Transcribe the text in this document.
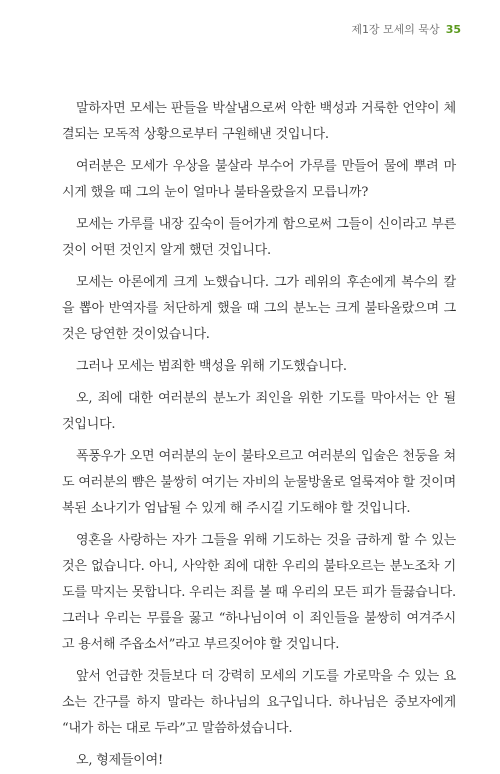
제1장 모세의 묵상 35

말하자면 모세는 판들을 박살냄으로써 악한 백성과 거룩한 언약이 체결되는 모독적 상황으로부터 구원해낸 것입니다.

여러분은 모세가 우상을 불살라 부수어 가루를 만들어 물에 뿌려 마시게 했을 때 그의 눈이 얼마나 불타올랐을지 모릅니까?

모세는 가루를 내장 깊숙이 들어가게 함으로써 그들이 신이라고 부른 것이 어떤 것인지 알게 했던 것입니다.

모세는 아론에게 크게 노했습니다. 그가 레위의 후손에게 복수의 칼을 뽑아 반역자를 처단하게 했을 때 그의 분노는 크게 불타올랐으며 그것은 당연한 것이었습니다.

그러나 모세는 범죄한 백성을 위해 기도했습니다.

오, 죄에 대한 여러분의 분노가 죄인을 위한 기도를 막아서는 안 될 것입니다.

폭풍우가 오면 여러분의 눈이 불타오르고 여러분의 입술은 천둥을 쳐도 여러분의 뺨은 불쌍히 여기는 자비의 눈물방울로 얼룩져야 할 것이며 복된 소나기가 엄납될 수 있게 해 주시길 기도해야 할 것입니다.

영혼을 사랑하는 자가 그들을 위해 기도하는 것을 금하게 할 수 있는 것은 없습니다. 아니, 사악한 죄에 대한 우리의 불타오르는 분노조차 기도를 막지는 못합니다. 우리는 죄를 볼 때 우리의 모든 피가 들끓습니다. 그러나 우리는 무릎을 꿇고 “하나님이여 이 죄인들을 불쌍히 여겨주시고 용서해 주옵소서”라고 부르짖어야 할 것입니다.

앞서 언급한 것들보다 더 강력히 모세의 기도를 가로막을 수 있는 요소는 간구를 하지 말라는 하나님의 요구입니다. 하나님은 중보자에게 “내가 하는 대로 두라”고 말씀하셨습니다.

오, 형제들이여!
